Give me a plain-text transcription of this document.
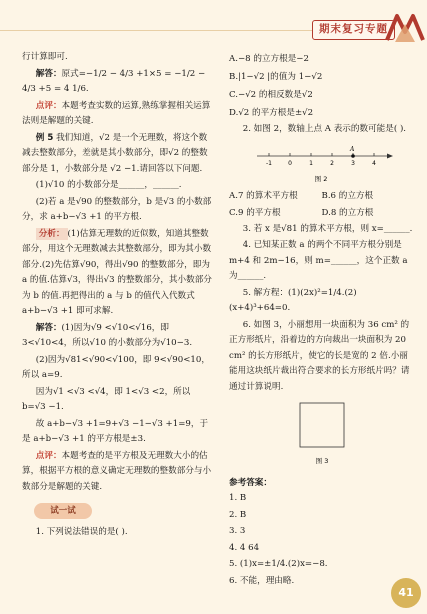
期末复习专题
行计算即可.
解答：原式=−1/2 − 4/3 +1×5 = −1/2 − 4/3 +5 = 4 1/6.
点评：本题考查实数的运算,熟练掌握相关运算法则是解题的关键.
例 5 我们知道，√2 是一个无理数，将这个数减去整数部分，差就是其小数部分，即√2 的整数部分是 1，小数部分是 √2 −1.请回答以下问题.
(1)√10 的小数部分是______，______.
(2)若 a 是√90 的整数部分，b 是√3 的小数部分，求 a+b−√3 +1 的平方根.
分析： (1)估算无理数的近似数，知道其整数部分，用这个无理数减去其整数部分，即为其小数部分.(2)先估算√90，得出√90 的整数部分，即为 a 的值.估算√3，得出√3 的整数部分，其小数部分为 b 的值.再把得出的 a 与 b 的值代入代数式 a+b−√3 +1 即可求解.
解答：(1)因为√9 <√10<√16，即 3<√10<4，所以√10 的小数部分为√10−3.
(2)因为√81<√90<√100，即 9<√90<10，所以 a=9.
因为√1 <√3 <√4，即 1<√3 <2，所以 b=√3 −1.
故 a+b−√3 +1=9+√3 −1−√3 +1=9，于是 a+b−√3 +1 的平方根是±3.
点评：本题考查的是平方根及无理数大小的估算，根据平方根的意义确定无理数的整数部分与小数部分是解题的关键.
试一试
1. 下列说法错误的是( ).
A.−8 的立方根是−2
B.|1−√2 |的值为 1−√2
C.−√2 的相反数是√2
D.√2 的平方根是±√2
2. 如图 2，数轴上点 A 表示的数可能是( ).
-1	0	1	2	3	4
A
图 2
A.7 的算术平方根	B.6 的立方根
C.9 的平方根	D.8 的立方根
3. 若 x 是√81 的算术平方根，则 x=______.
4. 已知某正数 a 的两个不同平方根分别是 m+4 和 2m−16，则 m=______，这个正数 a 为______.
5. 解方程：(1)(2x)²=1/4.(2)(x+4)³+64=0.
6. 如图 3，小丽想用一块面积为 36 cm² 的正方形纸片，沿着边的方向裁出一块面积为 20 cm² 的长方形纸片，使它的长是宽的 2 倍.小丽能用这块纸片裁出符合要求的长方形纸片吗？请通过计算说明.
图 3
参考答案：
1. B
2. B
3. 3
4. 4 64
5. (1)x=±1/4.(2)x=−8.
6. 不能，理由略.
41
